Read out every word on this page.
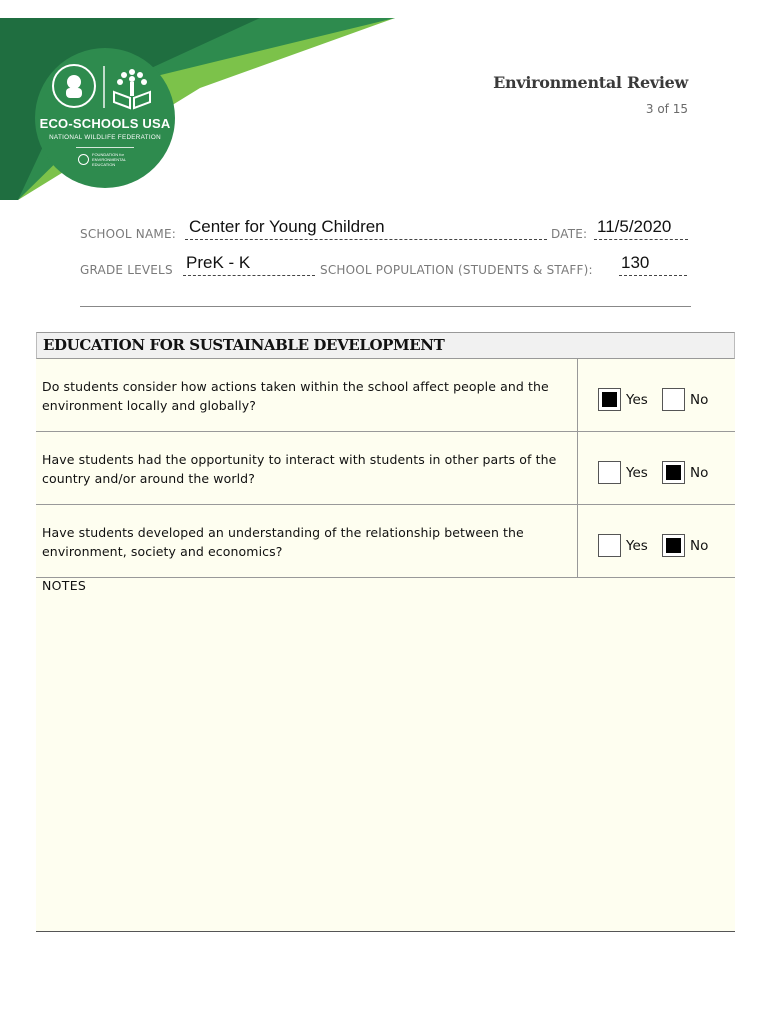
ECO-SCHOOLS USA
NATIONAL WILDLIFE FEDERATION
FOUNDATION for ENVIRONMENTAL EDUCATION
Environmental Review
3 of 15
SCHOOL NAME: Center for Young Children	DATE: 11/5/2020
GRADE LEVELS PreK - K	SCHOOL POPULATION (STUDENTS & STAFF): 130
EDUCATION FOR SUSTAINABLE DEVELOPMENT
Do students consider how actions taken within the school affect people and the environment locally and globally?	Yes	No
Have students had the opportunity to interact with students in other parts of the country and/or around the world?	Yes	No
Have students developed an understanding of the relationship between the environment, society and economics?	Yes	No
NOTES
